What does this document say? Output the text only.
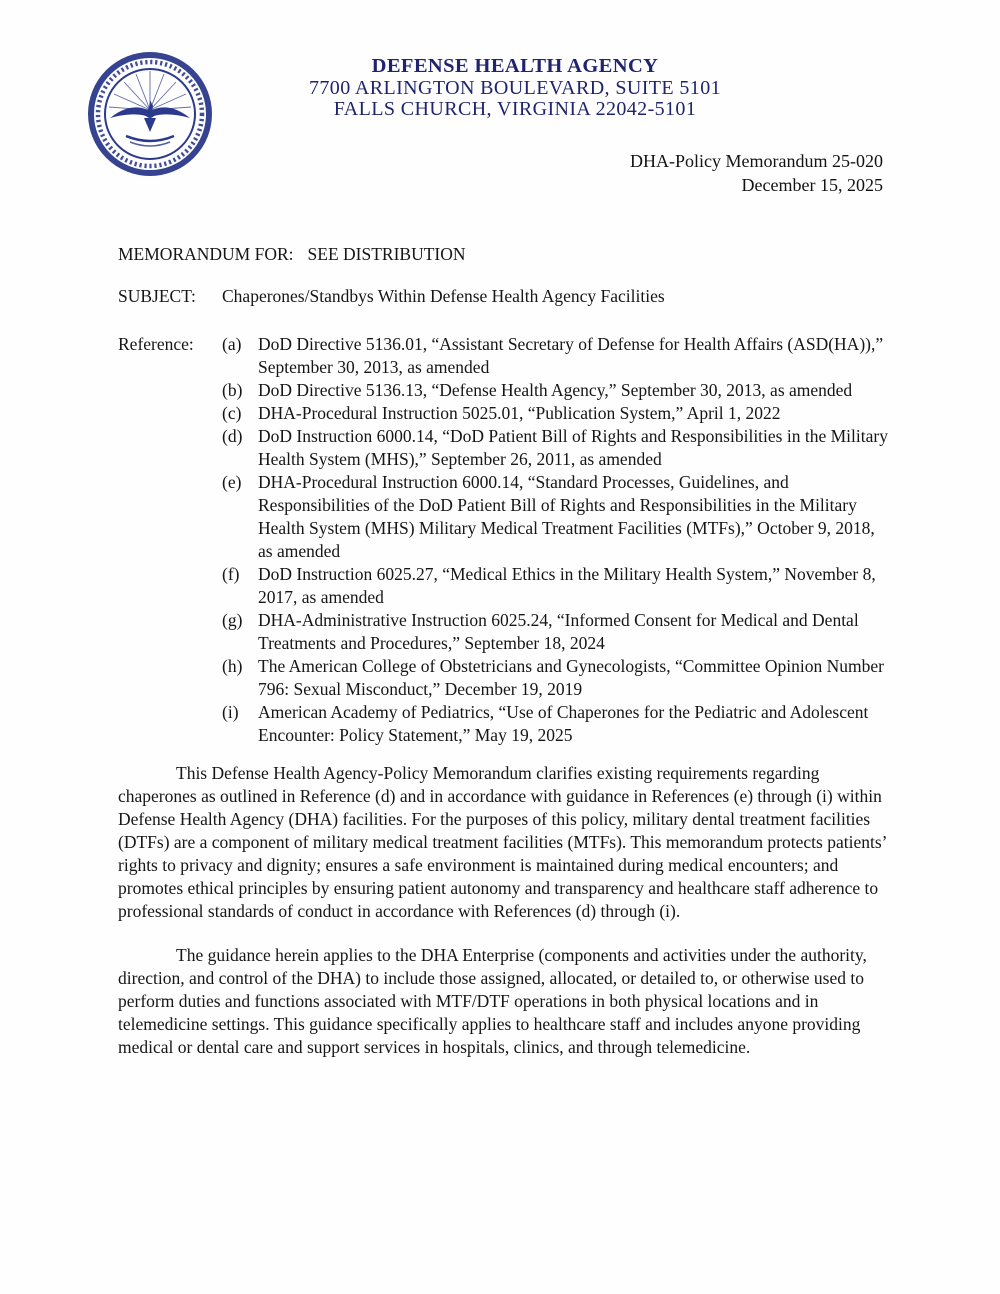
DEFENSE HEALTH AGENCY
7700 ARLINGTON BOULEVARD, SUITE 5101
FALLS CHURCH, VIRGINIA 22042-5101
DHA-Policy Memorandum 25-020
December 15, 2025
MEMORANDUM FOR: SEE DISTRIBUTION
SUBJECT:	Chaperones/Standbys Within Defense Health Agency Facilities
Reference:	(a) DoD Directive 5136.01, “Assistant Secretary of Defense for Health Affairs (ASD(HA)),” September 30, 2013, as amended
(b) DoD Directive 5136.13, “Defense Health Agency,” September 30, 2013, as amended
(c) DHA-Procedural Instruction 5025.01, “Publication System,” April 1, 2022
(d) DoD Instruction 6000.14, “DoD Patient Bill of Rights and Responsibilities in the Military Health System (MHS),” September 26, 2011, as amended
(e) DHA-Procedural Instruction 6000.14, “Standard Processes, Guidelines, and Responsibilities of the DoD Patient Bill of Rights and Responsibilities in the Military Health System (MHS) Military Medical Treatment Facilities (MTFs),” October 9, 2018, as amended
(f)	DoD Instruction 6025.27, “Medical Ethics in the Military Health System,” November 8, 2017, as amended
(g) DHA-Administrative Instruction 6025.24, “Informed Consent for Medical and Dental Treatments and Procedures,” September 18, 2024
(h) The American College of Obstetricians and Gynecologists, “Committee Opinion Number 796: Sexual Misconduct,” December 19, 2019
(i)	American Academy of Pediatrics, “Use of Chaperones for the Pediatric and Adolescent Encounter: Policy Statement,” May 19, 2025

This Defense Health Agency-Policy Memorandum clarifies existing requirements regarding chaperones as outlined in Reference (d) and in accordance with guidance in References (e) through (i) within Defense Health Agency (DHA) facilities. For the purposes of this policy, military dental treatment facilities (DTFs) are a component of military medical treatment facilities (MTFs). This memorandum protects patients’ rights to privacy and dignity; ensures a safe environment is maintained during medical encounters; and promotes ethical principles by ensuring patient autonomy and transparency and healthcare staff adherence to professional standards of conduct in accordance with References (d) through (i).

The guidance herein applies to the DHA Enterprise (components and activities under the authority, direction, and control of the DHA) to include those assigned, allocated, or detailed to, or otherwise used to perform duties and functions associated with MTF/DTF operations in both physical locations and in telemedicine settings. This guidance specifically applies to healthcare staff and includes anyone providing medical or dental care and support services in hospitals, clinics, and through telemedicine.
